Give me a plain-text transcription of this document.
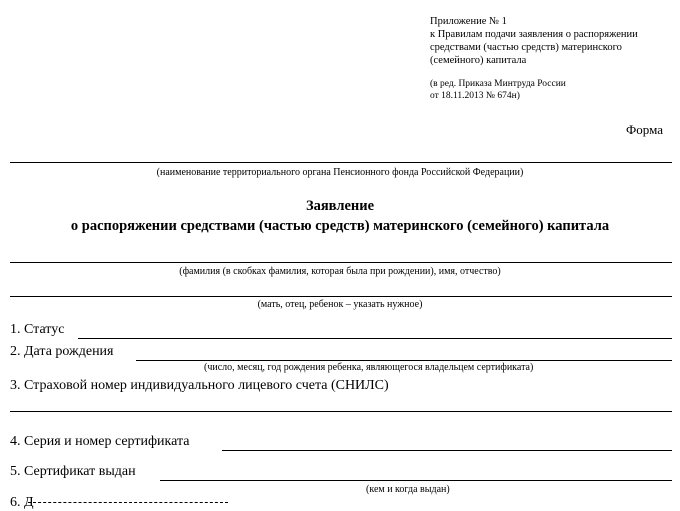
Приложение № 1
к Правилам подачи заявления о распоряжении
средствами (частью средств) материнского
(семейного) капитала
(в ред. Приказа Минтруда России
от 18.11.2013 № 674н)
Форма
(наименование территориального органа Пенсионного фонда Российской Федерации)
Заявление
о распоряжении средствами (частью средств) материнского (семейного) капитала
(фамилия (в скобках фамилия, которая была при рождении), имя, отчество)
(мать, отец, ребенок – указать нужное)
1. Статус
2. Дата рождения
(число, месяц, год рождения ребенка, являющегося владельцем сертификата)
3. Страховой номер индивидуального лицевого счета (СНИЛС)
4. Серия и номер сертификата
5. Сертификат выдан
(кем и когда выдан)
6. Д
